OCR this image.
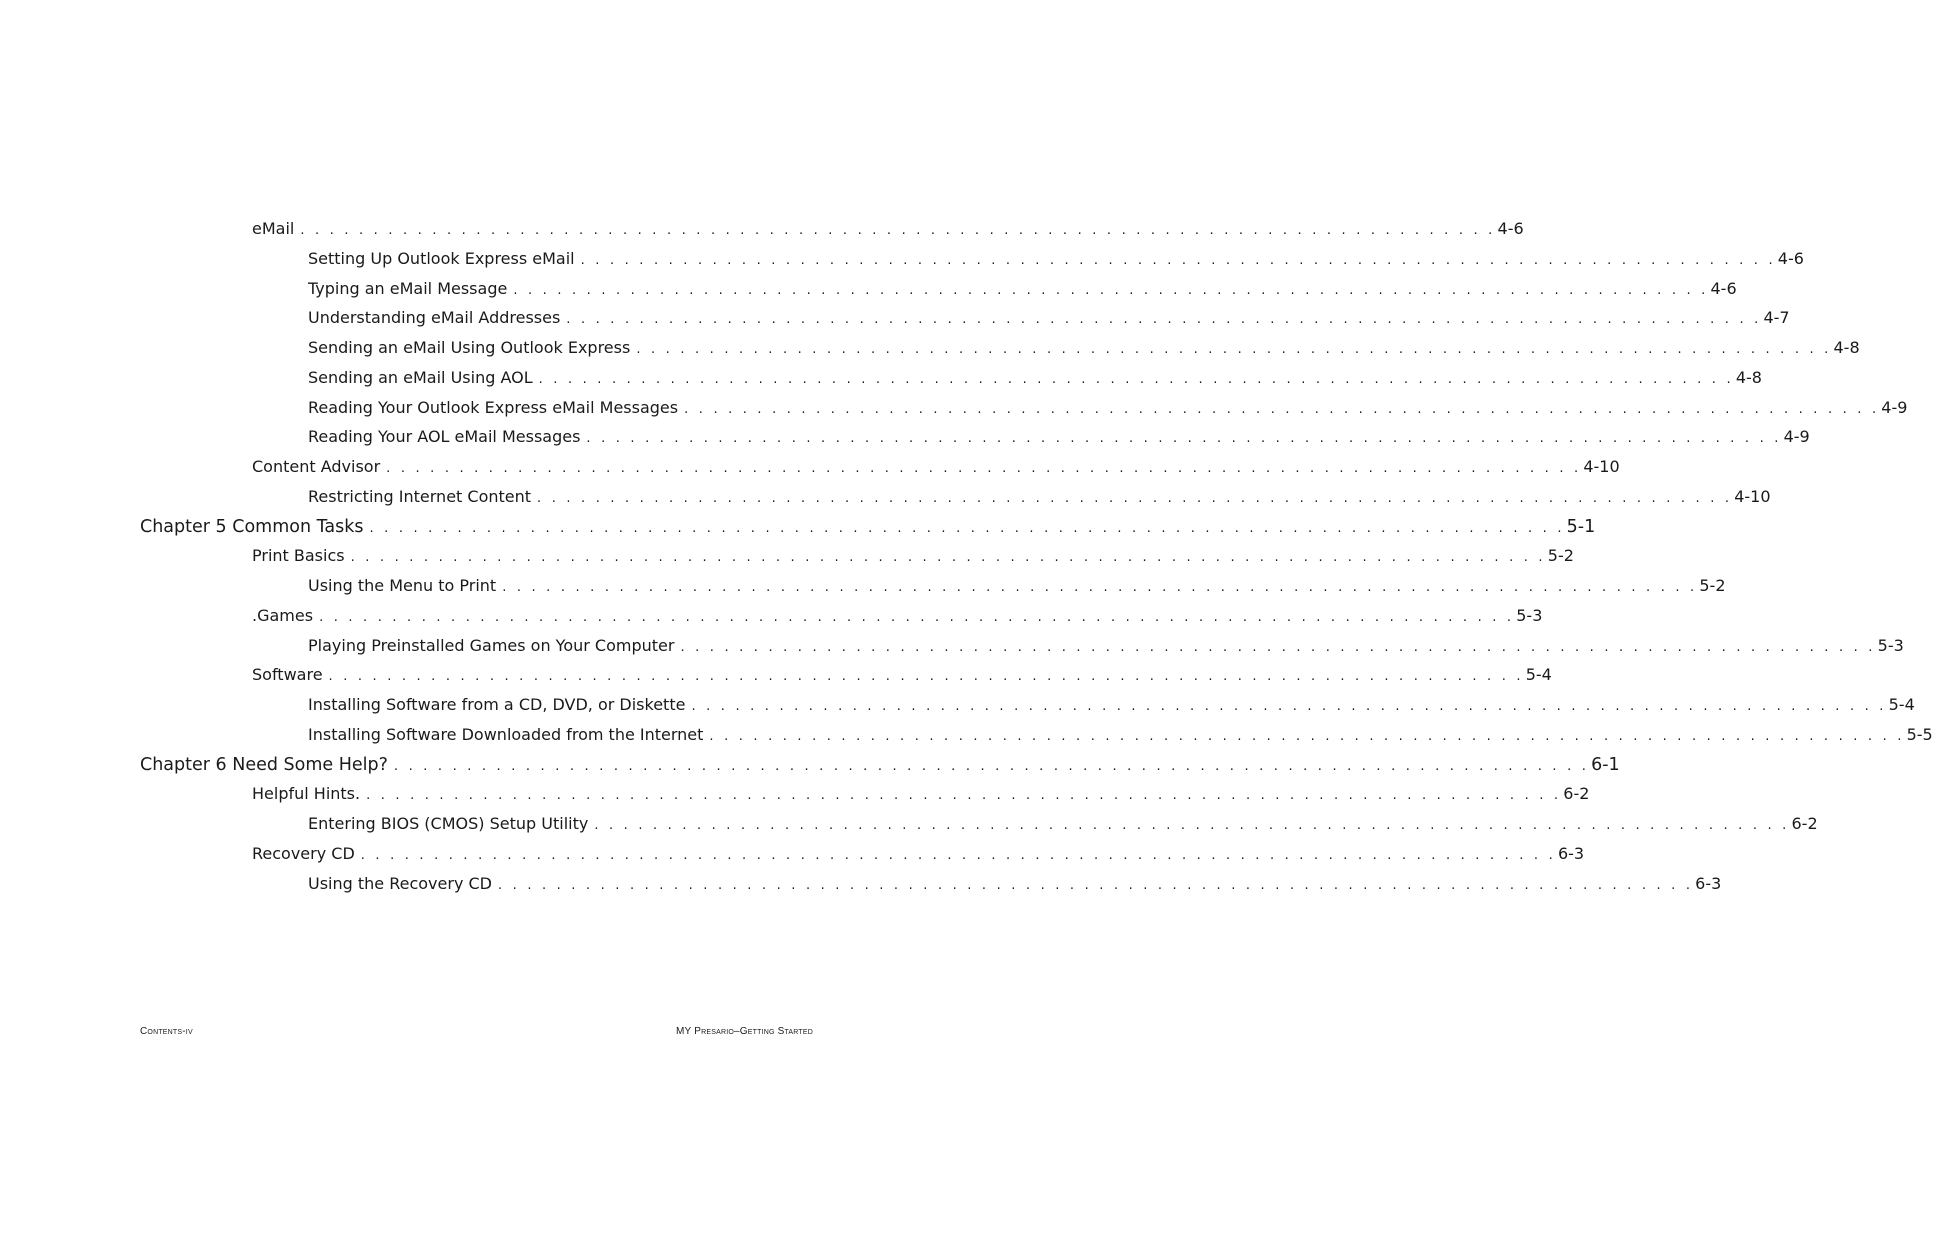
eMail . . . . . . . . . . . . . . . . . . . . . . . . . . . . . . . . . . . . . . . . . . . . . . . . . . . . . . . . . . . . . . . . . . . . . . . . . . . . . . . . . . 4-6
Setting Up Outlook Express eMail . . . . . . . . . . . . . . . . . . . . . . . . . . . . . . . . . . . . . . . . . . . . . . . . . . . . . . . . . . . . . . . . . . . . . . . . . . . . . . . . . . 4-6
Typing an eMail Message . . . . . . . . . . . . . . . . . . . . . . . . . . . . . . . . . . . . . . . . . . . . . . . . . . . . . . . . . . . . . . . . . . . . . . . . . . . . . . . . . . 4-6
Understanding eMail Addresses . . . . . . . . . . . . . . . . . . . . . . . . . . . . . . . . . . . . . . . . . . . . . . . . . . . . . . . . . . . . . . . . . . . . . . . . . . . . . . . . . . 4-7
Sending an eMail Using Outlook Express . . . . . . . . . . . . . . . . . . . . . . . . . . . . . . . . . . . . . . . . . . . . . . . . . . . . . . . . . . . . . . . . . . . . . . . . . . . . . . . . . . 4-8
Sending an eMail Using AOL . . . . . . . . . . . . . . . . . . . . . . . . . . . . . . . . . . . . . . . . . . . . . . . . . . . . . . . . . . . . . . . . . . . . . . . . . . . . . . . . . . 4-8
Reading Your Outlook Express eMail Messages . . . . . . . . . . . . . . . . . . . . . . . . . . . . . . . . . . . . . . . . . . . . . . . . . . . . . . . . . . . . . . . . . . . . . . . . . . . . . . . . . . 4-9
Reading Your AOL eMail Messages . . . . . . . . . . . . . . . . . . . . . . . . . . . . . . . . . . . . . . . . . . . . . . . . . . . . . . . . . . . . . . . . . . . . . . . . . . . . . . . . . . 4-9
Content Advisor . . . . . . . . . . . . . . . . . . . . . . . . . . . . . . . . . . . . . . . . . . . . . . . . . . . . . . . . . . . . . . . . . . . . . . . . . . . . . . . . . . 4-10
Restricting Internet Content . . . . . . . . . . . . . . . . . . . . . . . . . . . . . . . . . . . . . . . . . . . . . . . . . . . . . . . . . . . . . . . . . . . . . . . . . . . . . . . . . . 4-10
Chapter 5 Common Tasks . . . . . . . . . . . . . . . . . . . . . . . . . . . . . . . . . . . . . . . . . . . . . . . . . . . . . . . . . . . . . . . . . . . . . . . . . . . . . . . . . . 5-1
Print Basics . . . . . . . . . . . . . . . . . . . . . . . . . . . . . . . . . . . . . . . . . . . . . . . . . . . . . . . . . . . . . . . . . . . . . . . . . . . . . . . . . . 5-2
Using the Menu to Print . . . . . . . . . . . . . . . . . . . . . . . . . . . . . . . . . . . . . . . . . . . . . . . . . . . . . . . . . . . . . . . . . . . . . . . . . . . . . . . . . . 5-2
.Games . . . . . . . . . . . . . . . . . . . . . . . . . . . . . . . . . . . . . . . . . . . . . . . . . . . . . . . . . . . . . . . . . . . . . . . . . . . . . . . . . . 5-3
Playing Preinstalled Games on Your Computer . . . . . . . . . . . . . . . . . . . . . . . . . . . . . . . . . . . . . . . . . . . . . . . . . . . . . . . . . . . . . . . . . . . . . . . . . . . . . . . . . . 5-3
Software . . . . . . . . . . . . . . . . . . . . . . . . . . . . . . . . . . . . . . . . . . . . . . . . . . . . . . . . . . . . . . . . . . . . . . . . . . . . . . . . . . 5-4
Installing Software from a CD, DVD, or Diskette . . . . . . . . . . . . . . . . . . . . . . . . . . . . . . . . . . . . . . . . . . . . . . . . . . . . . . . . . . . . . . . . . . . . . . . . . . . . . . . . . . 5-4
Installing Software Downloaded from the Internet . . . . . . . . . . . . . . . . . . . . . . . . . . . . . . . . . . . . . . . . . . . . . . . . . . . . . . . . . . . . . . . . . . . . . . . . . . . . . . . . . . 5-5
Chapter 6 Need Some Help? . . . . . . . . . . . . . . . . . . . . . . . . . . . . . . . . . . . . . . . . . . . . . . . . . . . . . . . . . . . . . . . . . . . . . . . . . . . . . . . . . . 6-1
Helpful Hints. . . . . . . . . . . . . . . . . . . . . . . . . . . . . . . . . . . . . . . . . . . . . . . . . . . . . . . . . . . . . . . . . . . . . . . . . . . . . . . . . . . 6-2
Entering BIOS (CMOS) Setup Utility . . . . . . . . . . . . . . . . . . . . . . . . . . . . . . . . . . . . . . . . . . . . . . . . . . . . . . . . . . . . . . . . . . . . . . . . . . . . . . . . . . 6-2
Recovery CD . . . . . . . . . . . . . . . . . . . . . . . . . . . . . . . . . . . . . . . . . . . . . . . . . . . . . . . . . . . . . . . . . . . . . . . . . . . . . . . . . . 6-3
Using the Recovery CD . . . . . . . . . . . . . . . . . . . . . . . . . . . . . . . . . . . . . . . . . . . . . . . . . . . . . . . . . . . . . . . . . . . . . . . . . . . . . . . . . . 6-3
Contents-iv	MY Presario–Getting Started
